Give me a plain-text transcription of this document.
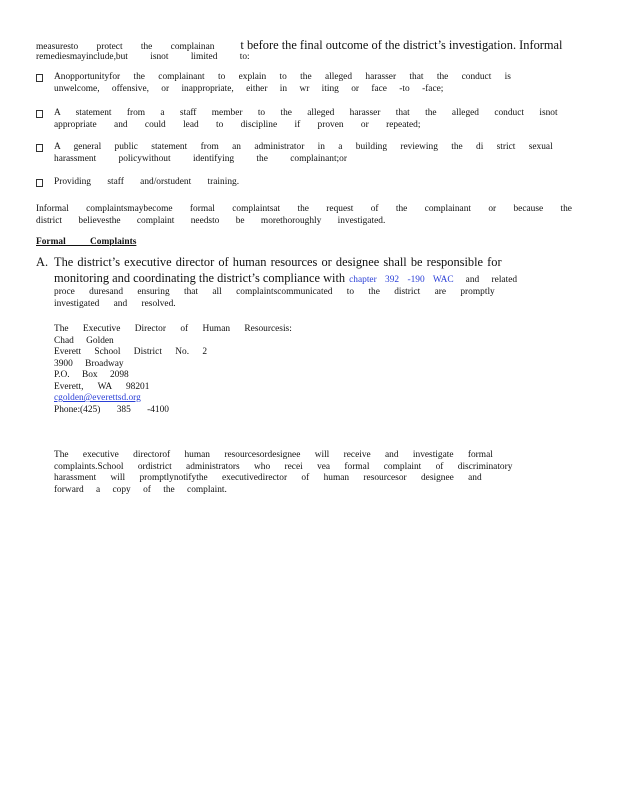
measuresto protect the complainan t before the final outcome of the district’s investigation. Informal
remediesmayinclude,but isnot limited to:
Anopportunityfor the complainant to explain to the alleged harasser that the conduct is
unwelcome, offensive, or inappropriate, either in wr iting or face -to -face;
A statement from a staff member to the alleged harasser that the alleged conduct isnot
appropriate and could lead to discipline if proven or repeated;
A general public statement from an administrator in a building reviewing the di strict sexual
harassment policywithout identifying the complainant;or
Providing staff and/orstudent training.
Informal complaintsmaybecome formal complaintsat the request of the complainant or because the
district believesthe complaint needsto be morethoroughly investigated.
Formal Complaints
A. The district’s executive director of human resources or designee shall be responsible for
monitoring and coordinating the district’s compliance with chapter 392 -190 WAC and related
proce duresand ensuring that all complaintscommunicated to the district are promptly
investigated and resolved.
The Executive Director of Human Resourcesis:
Chad Golden
Everett School District No. 2
3900 Broadway
P.O. Box 2098
Everett, WA 98201
cgolden@everettsd.org
Phone:(425) 385 -4100
The executive directorof human resourcesordesignee will receive and investigate formal
complaints.School ordistrict administrators who recei vea formal complaint of discriminatory
harassment will promptlynotifythe executivedirector of human resourcesor designee and
forward a copy of the complaint.
